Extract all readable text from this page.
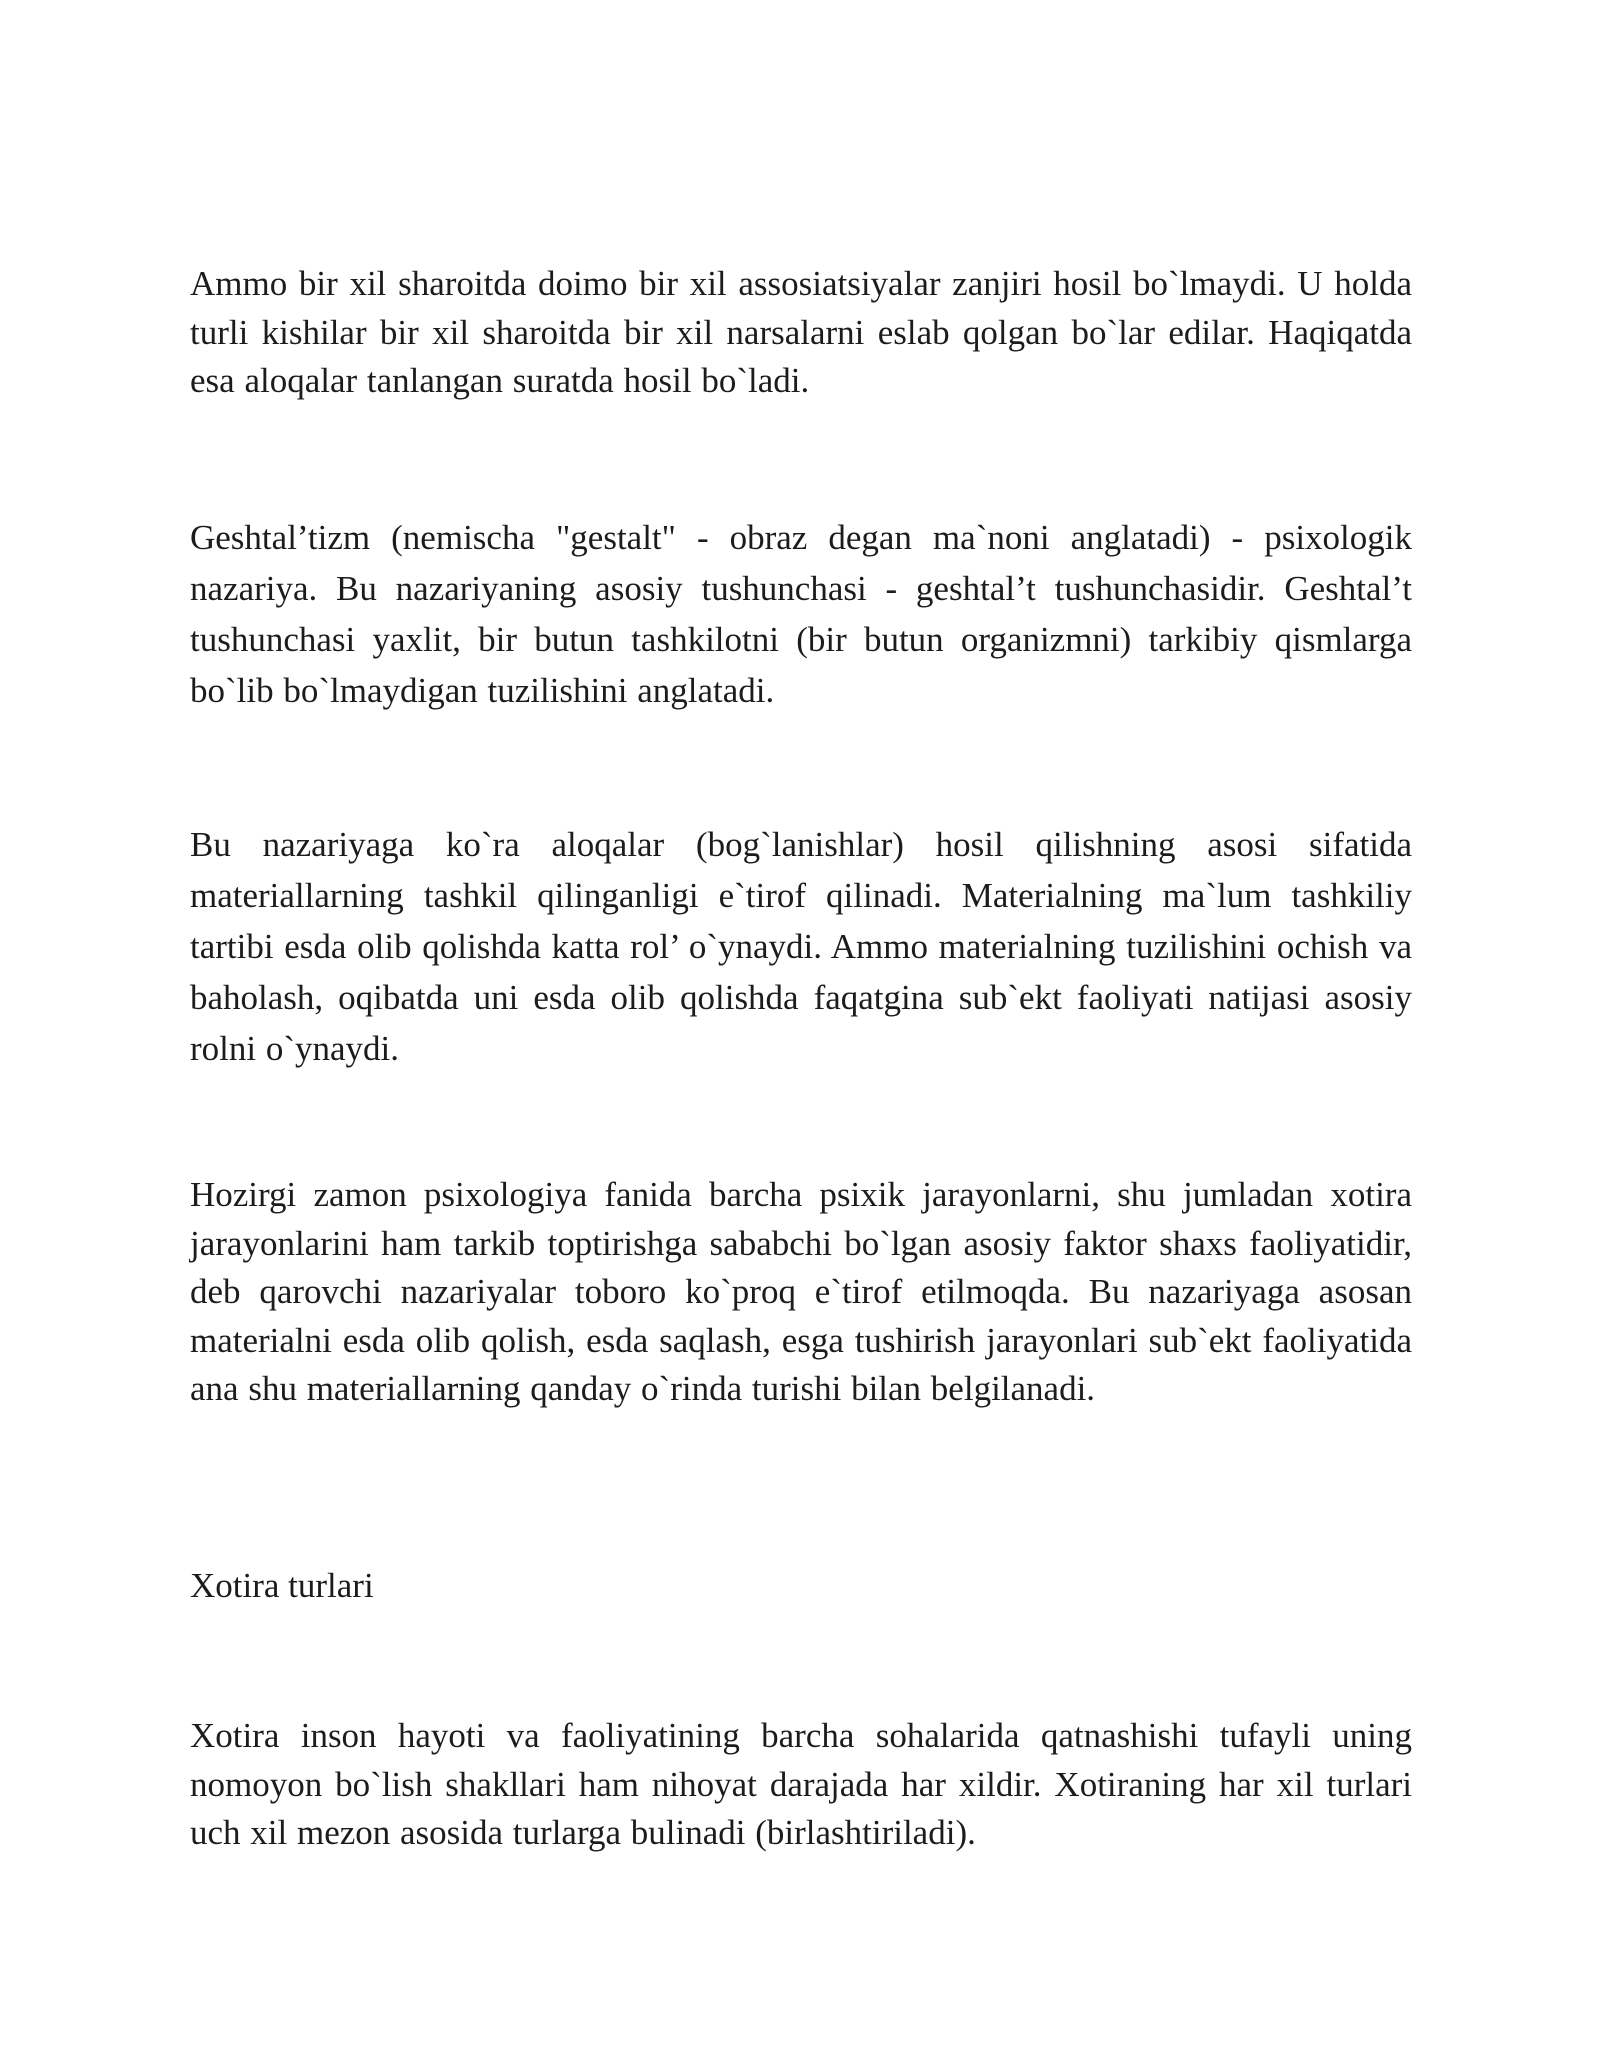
Ammo bir xil sharoitda doimo bir xil assosiatsiyalar zanjiri hosil bo`lmaydi. U holda turli kishilar bir xil sharoitda bir xil narsalarni eslab qolgan bo`lar edilar. Haqiqatda esa aloqalar tanlangan suratda hosil bo`ladi.

Geshtal’tizm (nemischa "gestalt" - obraz degan ma`noni anglatadi) - psixologik nazariya. Bu nazariyaning asosiy tushunchasi - geshtal’t tushunchasidir. Geshtal’t tushunchasi yaxlit, bir butun tashkilotni (bir butun organizmni) tarkibiy qismlarga bo`lib bo`lmaydigan tuzilishini anglatadi.

Bu nazariyaga ko`ra aloqalar (bog`lanishlar) hosil qilishning asosi sifatida materiallarning tashkil qilinganligi e`tirof qilinadi. Materialning ma`lum tashkiliy tartibi esda olib qolishda katta rol’ o`ynaydi. Ammo materialning tuzilishini ochish va baholash, oqibatda uni esda olib qolishda faqatgina sub`ekt faoliyati natijasi asosiy rolni o`ynaydi.

Hozirgi zamon psixologiya fanida barcha psixik jarayonlarni, shu jumladan xotira jarayonlarini ham tarkib toptirishga sababchi bo`lgan asosiy faktor shaxs faoliyatidir, deb qarovchi nazariyalar toboro ko`proq e`tirof etilmoqda. Bu nazariyaga asosan materialni esda olib qolish, esda saqlash, esga tushirish jarayonlari sub`ekt faoliyatida ana shu materiallarning qanday o`rinda turishi bilan belgilanadi.

Xotira turlari

Xotira inson hayoti va faoliyatining barcha sohalarida qatnashishi tufayli uning nomoyon bo`lish shakllari ham nihoyat darajada har xildir. Xotiraning har xil turlari uch xil mezon asosida turlarga bulinadi (birlashtiriladi).
